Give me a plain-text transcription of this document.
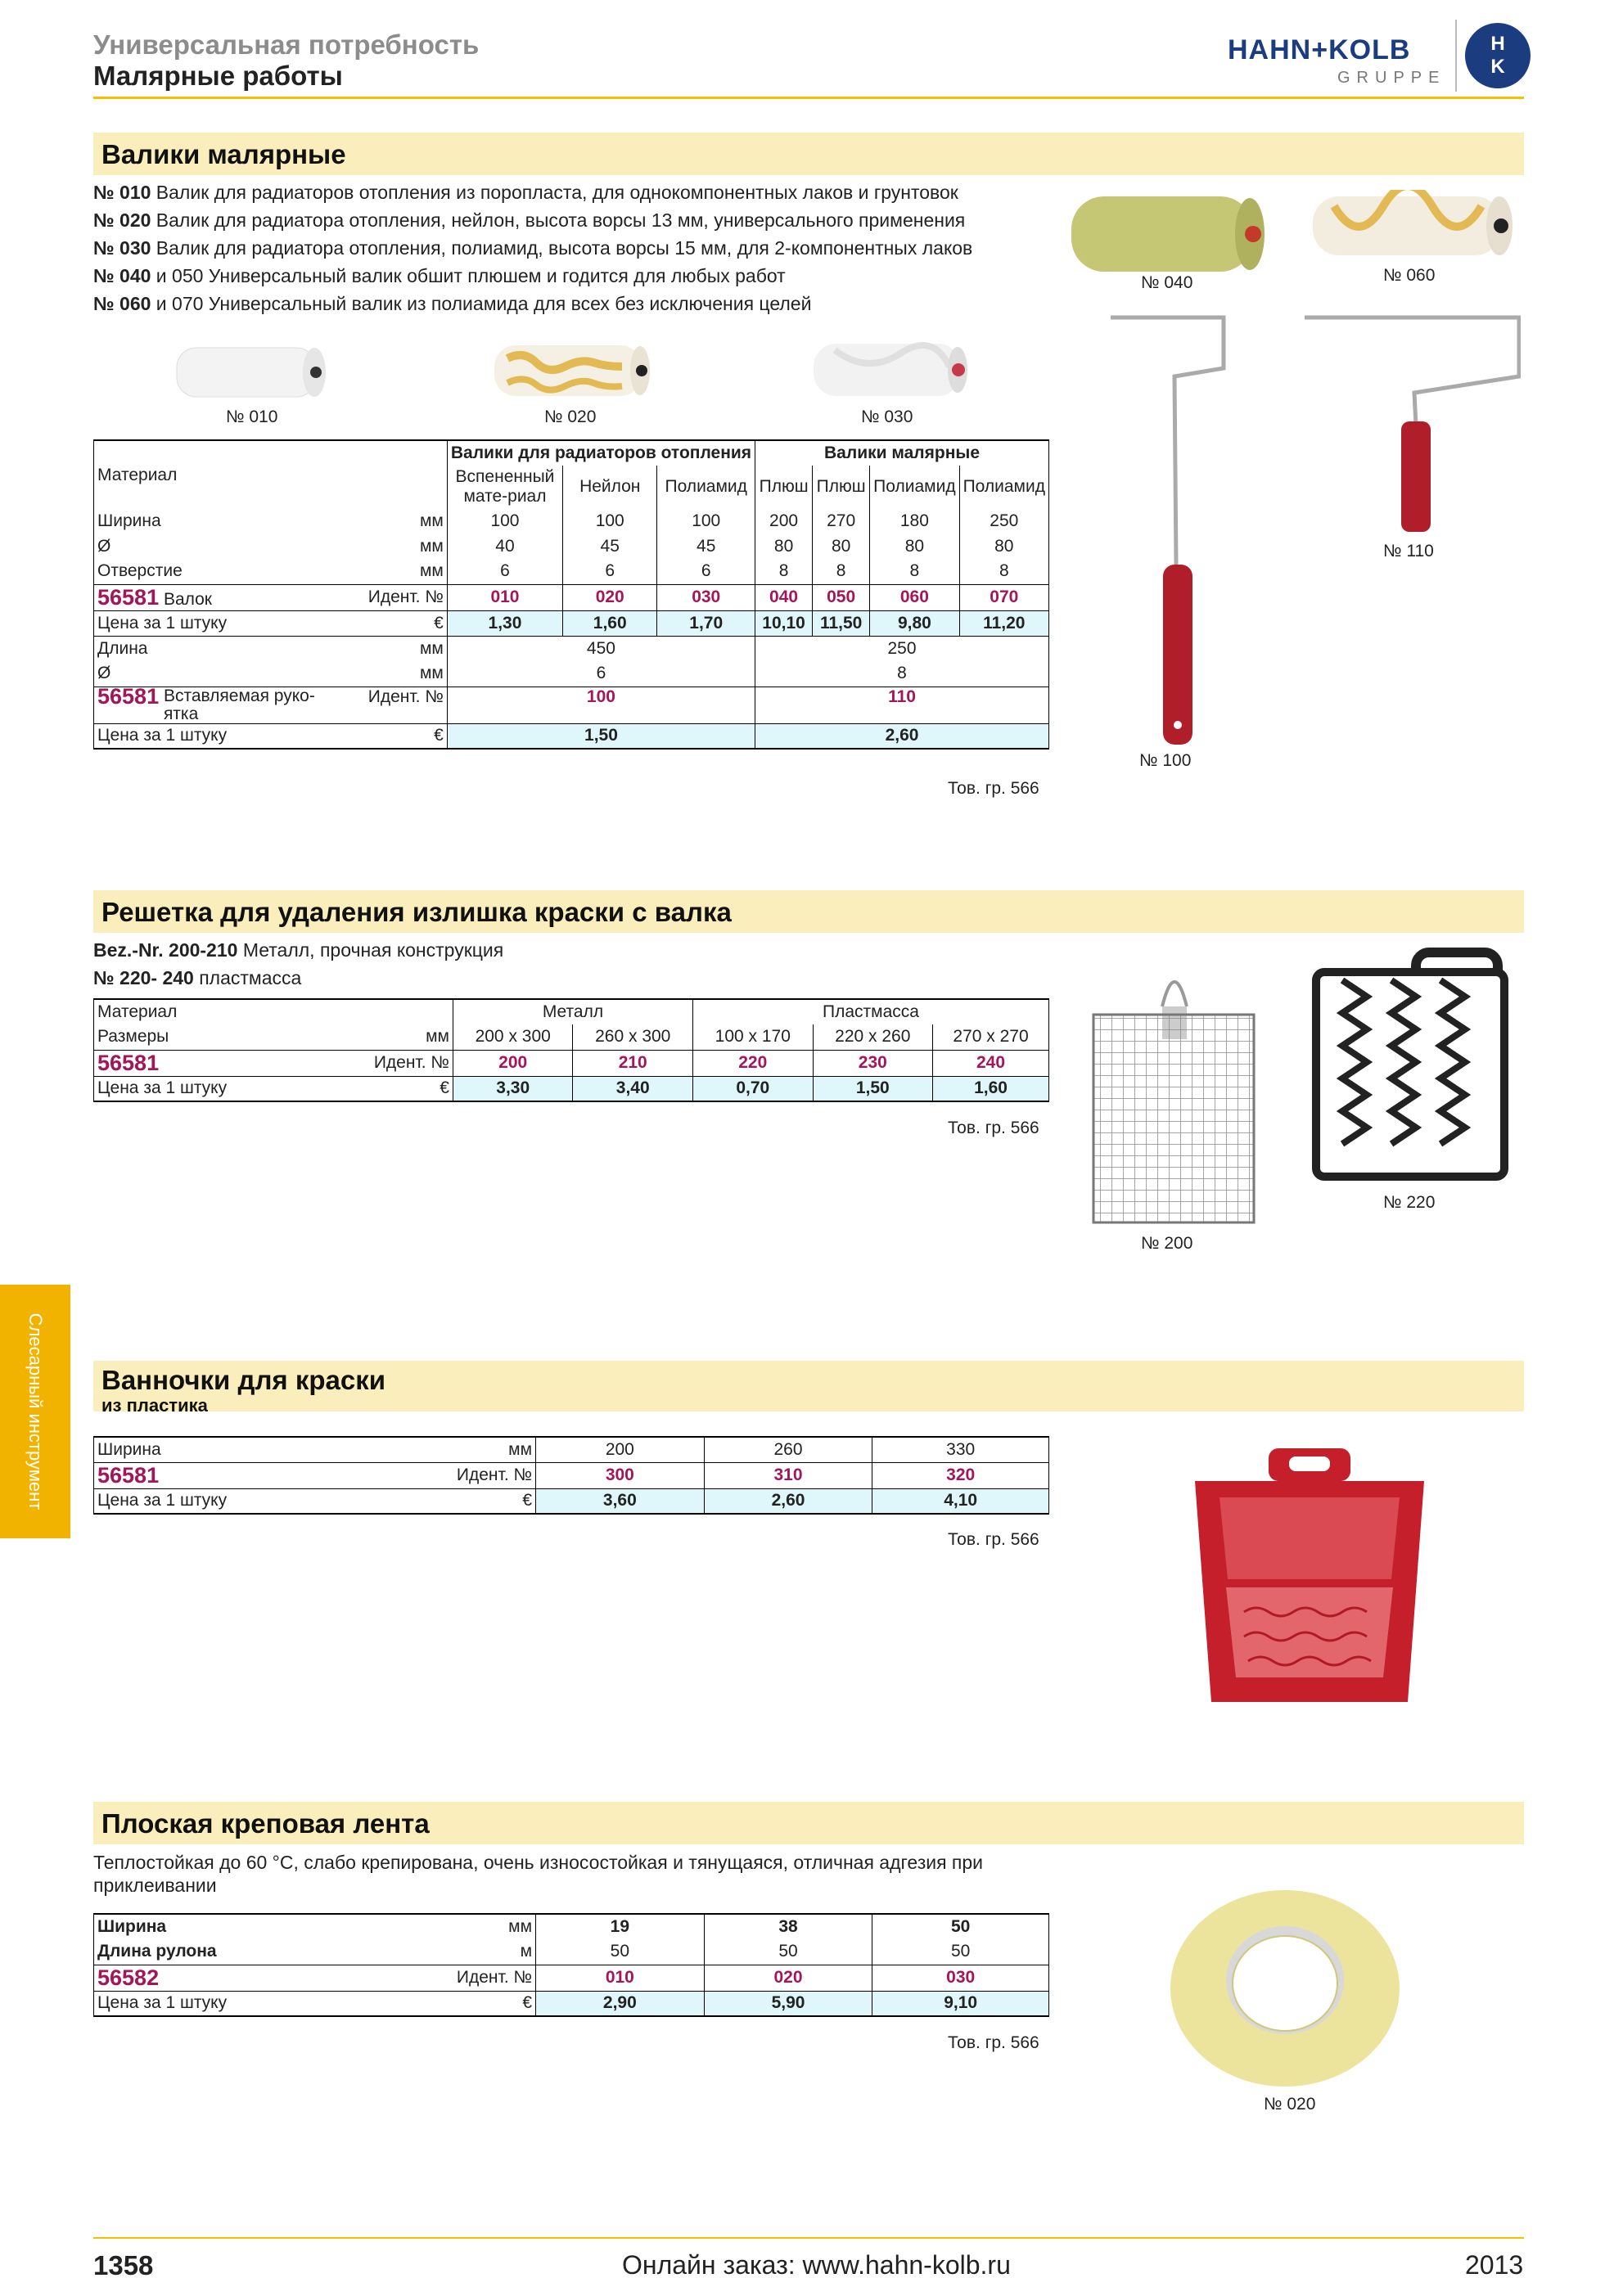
Универсальная потребность
Малярные работы
HAHN+KOLB
GRUPPE
H
K
Слесарный инструмент
Валики малярные
№ 010 Валик для радиаторов отопления из поропласта, для однокомпонентных лаков и грунтовок
№ 020 Валик для радиатора отопления, нейлон, высота ворсы 13 мм, универсального применения
№ 030 Валик для радиатора отопления, полиамид, высота ворсы 15 мм, для 2-компонентных лаков
№ 040 и 050 Универсальный валик обшит плюшем и годится для любых работ
№ 060 и 070 Универсальный валик из полиамида для всех без исключения целей
№ 010	№ 020	№ 030
№ 040	№ 060
№ 100
№ 110
		Валики для радиаторов отопления			Валики малярные			
Материал		Вспененный мате-риал	Нейлон	Полиамид	Плюш	Плюш	Полиамид	Полиамид
Ширина	мм	100	100	100	200	270	180	250
Ø	мм	40	45	45	80	80	80	80
Отверстие	мм	6	6	6	8	8	8	8
56581 Валок	Идент. №	010	020	030	040	050	060	070
Цена за 1 штуку	€	1,30	1,60	1,70	10,10	11,50	9,80	11,20
Длина	мм	450			250			
Ø	мм	6			8			
56581 Вставляемая руко-ятка	Идент. №	100			110			
Цена за 1 штуку	€	1,50			2,60			
Тов. гр. 566
Решетка для удаления излишка краски с валка
Bez.-Nr. 200-210 Металл, прочная конструкция
№ 220- 240 пластмасса
Материал		Металл		Пластмасса		
Размеры	мм	200 x 300	260 x 300	100 x 170	220 x 260	270 x 270
56581	Идент. №	200	210	220	230	240
Цена за 1 штуку	€	3,30	3,40	0,70	1,50	1,60
Тов. гр. 566
№ 200
№ 220
Ванночки для краски
из пластика
Ширина	мм	200	260	330
56581	Идент. №	300	310	320
Цена за 1 штуку	€	3,60	2,60	4,10
Тов. гр. 566
Плоская креповая лента
Теплостойкая до 60 °С, слабо крепирована, очень износостойкая и тянущаяся, отличная адгезия при приклеивании
Ширина	мм	19	38	50
Длина рулона	м	50	50	50
56582	Идент. №	010	020	030
Цена за 1 штуку	€	2,90	5,90	9,10
Тов. гр. 566
№ 020
1358	Онлайн заказ: www.hahn-kolb.ru	2013
